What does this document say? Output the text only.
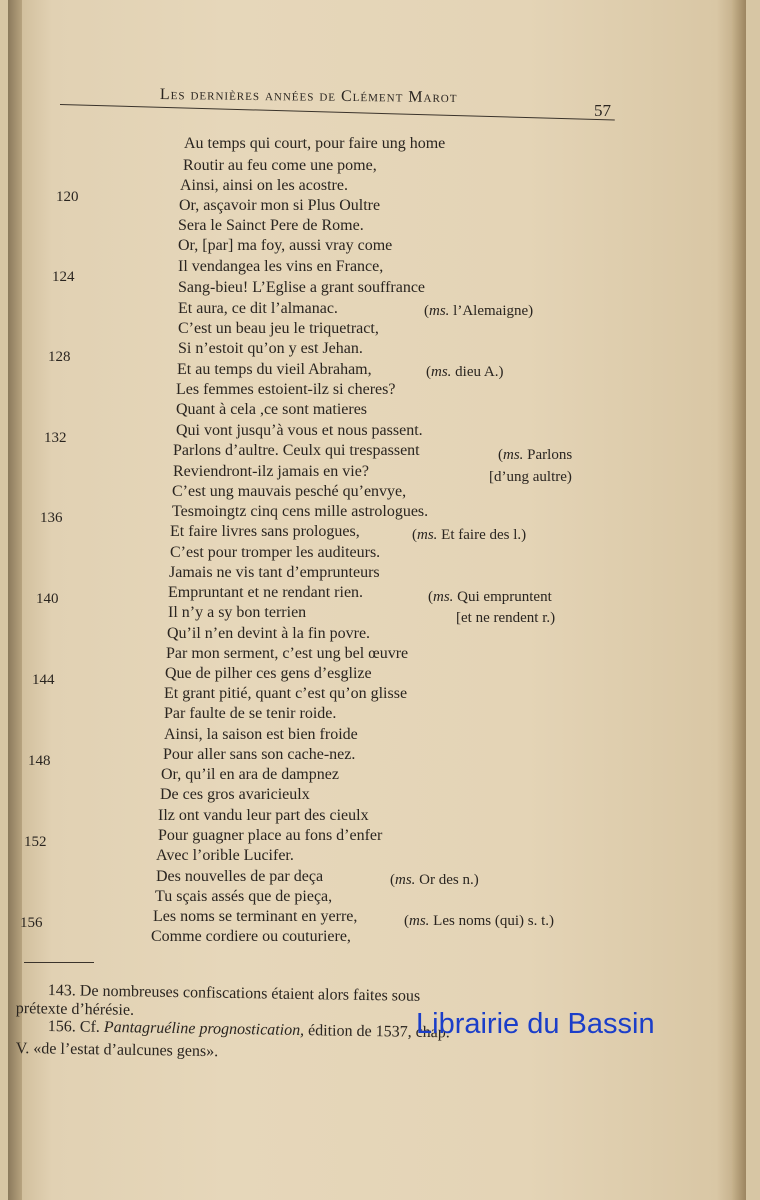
Les dernières années de Clément Marot
57
Au temps qui court, pour faire ung home
Routir au feu come une pome,
Ainsi, ainsi on les acostre.
Or, asçavoir mon si Plus Oultre
Sera le Sainct Pere de Rome.
Or, [par] ma foy, aussi vray come
Il vendangea les vins en France,
Sang-bieu! L’Eglise a grant souffrance
Et aura, ce dit l’almanac.
C’est un beau jeu le triquetract,
Si n’estoit qu’on y est Jehan.
Et au temps du vieil Abraham,
Les femmes estoient-ilz si cheres?
Quant à cela ,ce sont matieres
Qui vont jusqu’à vous et nous passent.
Parlons d’aultre. Ceulx qui trespassent
Reviendront-ilz jamais en vie?
C’est ung mauvais pesché qu’envye,
Tesmoingtz cinq cens mille astrologues.
Et faire livres sans prologues,
C’est pour tromper les auditeurs.
Jamais ne vis tant d’emprunteurs
Empruntant et ne rendant rien.
Il n’y a sy bon terrien
Qu’il n’en devint à la fin povre.
Par mon serment, c’est ung bel œuvre
Que de pilher ces gens d’esglize
Et grant pitié, quant c’est qu’on glisse
Par faulte de se tenir roide.
Ainsi, la saison est bien froide
Pour aller sans son cache-nez.
Or, qu’il en ara de dampnez
De ces gros avaricieulx
Ilz ont vandu leur part des cieulx
Pour guagner place au fons d’enfer
Avec l’orible Lucifer.
Des nouvelles de par deça
Tu sçais assés que de pieça,
Les noms se terminant en yerre,
Comme cordiere ou couturiere,
120
124
128
132
136
140
144
148
152
156
(ms. l’Alemaigne)
(ms. dieu A.)
(ms. Parlons
[d’ung aultre)
(ms. Et faire des l.)
(ms. Qui empruntent
[et ne rendent r.)
(ms. Or des n.)
(ms. Les noms (qui) s. t.)
143. De nombreuses confiscations étaient alors faites sous
prétexte d’hérésie.
156. Cf. Pantagruéline prognostication, édition de 1537, chap.
V. «de l’estat d’aulcunes gens».
Librairie du Bassin
